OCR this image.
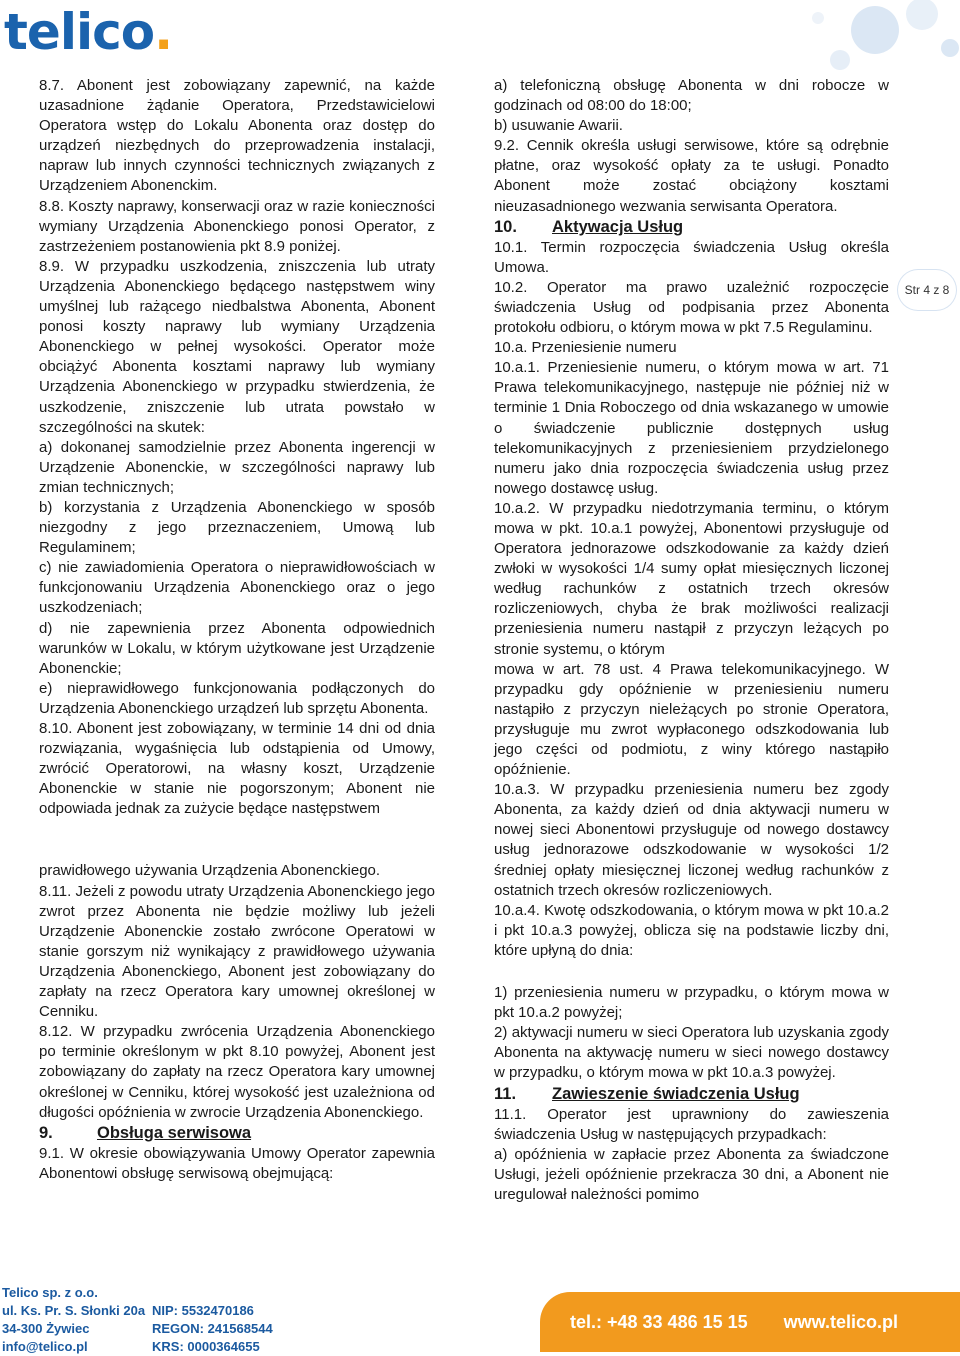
telico.

8.7. Abonent jest zobowiązany zapewnić, na każde uzasadnione żądanie Operatora, Przedstawicielowi Operatora wstęp do Lokalu Abonenta oraz dostęp do urządzeń niezbędnych do przeprowadzenia instalacji, napraw lub innych czynności technicznych związanych z Urządzeniem Abonenckim.

8.8. Koszty naprawy, konserwacji oraz w razie konieczności wymiany Urządzenia Abonenckiego ponosi Operator, z zastrzeżeniem postanowienia pkt 8.9 poniżej.

8.9. W przypadku uszkodzenia, zniszczenia lub utraty Urządzenia Abonenckiego będącego następstwem winy umyślnej lub rażącego niedbalstwa Abonenta, Abonent ponosi koszty naprawy lub wymiany Urządzenia Abonenckiego w pełnej wysokości. Operator może obciążyć Abonenta kosztami naprawy lub wymiany Urządzenia Abonenckiego w przypadku stwierdzenia, że uszkodzenie, zniszczenie lub utrata powstało w szczególności na skutek:

a) dokonanej samodzielnie przez Abonenta ingerencji w Urządzenie Abonenckie, w szczególności naprawy lub zmian technicznych;

b) korzystania z Urządzenia Abonenckiego w sposób niezgodny z jego przeznaczeniem, Umową lub Regulaminem;

c) nie zawiadomienia Operatora o nieprawidłowościach w funkcjonowaniu Urządzenia Abonenckiego oraz o jego uszkodzeniach;

d) nie zapewnienia przez Abonenta odpowiednich warunków w Lokalu, w którym użytkowane jest Urządzenie Abonenckie;

e) nieprawidłowego funkcjonowania podłączonych do Urządzenia Abonenckiego urządzeń lub sprzętu Abonenta.

8.10. Abonent jest zobowiązany, w terminie 14 dni od dnia rozwiązania, wygaśnięcia lub odstąpienia od Umowy, zwrócić Operatorowi, na własny koszt, Urządzenie Abonenckie w stanie nie pogorszonym; Abonent nie odpowiada jednak za zużycie będące następstwem

prawidłowego używania Urządzenia Abonenckiego.

8.11. Jeżeli z powodu utraty Urządzenia Abonenckiego jego zwrot przez Abonenta nie będzie możliwy lub jeżeli Urządzenie Abonenckie zostało zwrócone Operatowi w stanie gorszym niż wynikający z prawidłowego używania Urządzenia Abonenckiego, Abonent jest zobowiązany do zapłaty na rzecz Operatora kary umownej określonej w Cenniku.

8.12. W przypadku zwrócenia Urządzenia Abonenckiego po terminie określonym w pkt 8.10 powyżej, Abonent jest zobowiązany do zapłaty na rzecz Operatora kary umownej określonej w Cenniku, której wysokość jest uzależniona od długości opóźnienia w zwrocie Urządzenia Abonenckiego.

9.	Obsługa serwisowa

9.1. W okresie obowiązywania Umowy Operator zapewnia Abonentowi obsługę serwisową obejmującą:

a) telefoniczną obsługę Abonenta w dni robocze w godzinach od 08:00 do 18:00;

b) usuwanie Awarii.

9.2. Cennik określa usługi serwisowe, które są odrębnie płatne, oraz wysokość opłaty za te usługi. Ponadto Abonent może zostać obciążony kosztami nieuzasadnionego wezwania serwisanta Operatora.

10. Aktywacja Usług

10.1. Termin rozpoczęcia świadczenia Usług określa Umowa.

10.2. Operator ma prawo uzależnić rozpoczęcie świadczenia Usług od podpisania przez Abonenta protokołu odbioru, o którym mowa w pkt 7.5 Regulaminu.

10.a. Przeniesienie numeru

10.a.1. Przeniesienie numeru, o którym mowa w art. 71 Prawa telekomunikacyjnego, następuje nie później niż w terminie 1 Dnia Roboczego od dnia wskazanego w umowie o świadczenie publicznie dostępnych usług telekomunikacyjnych z przeniesieniem przydzielonego numeru jako dnia rozpoczęcia świadczenia usług przez nowego dostawcę usług.

10.a.2. W przypadku niedotrzymania terminu, o którym mowa w pkt. 10.a.1 powyżej, Abonentowi przysługuje od Operatora jednorazowe odszkodowanie za każdy dzień zwłoki w wysokości 1/4 sumy opłat miesięcznych liczonej według rachunków z ostatnich trzech okresów rozliczeniowych, chyba że brak możliwości realizacji przeniesienia numeru nastąpił z przyczyn leżących po stronie systemu, o którym

mowa w art. 78 ust. 4 Prawa telekomunikacyjnego. W przypadku gdy opóźnienie w przeniesieniu numeru nastąpiło z przyczyn nieleżących po stronie Operatora, przysługuje mu zwrot wypłaconego odszkodowania lub jego części od podmiotu, z winy którego nastąpiło opóźnienie.

10.a.3. W przypadku przeniesienia numeru bez zgody Abonenta, za każdy dzień od dnia aktywacji numeru w nowej sieci Abonentowi przysługuje od nowego dostawcy usług jednorazowe odszkodowanie w wysokości 1/2 średniej opłaty miesięcznej liczonej według rachunków z ostatnich trzech okresów rozliczeniowych.

10.a.4. Kwotę odszkodowania, o którym mowa w pkt 10.a.2 i pkt 10.a.3 powyżej, oblicza się na podstawie liczby dni, które upłyną do dnia:

1) przeniesienia numeru w przypadku, o którym mowa w pkt 10.a.2 powyżej;

2) aktywacji numeru w sieci Operatora lub uzyskania zgody Abonenta na aktywację numeru w sieci nowego dostawcy w przypadku, o którym mowa w pkt 10.a.3 powyżej.

11. Zawieszenie świadczenia Usług

11.1. Operator jest uprawniony do zawieszenia świadczenia Usług w następujących przypadkach:

a) opóźnienia w zapłacie przez Abonenta za świadczone Usługi, jeżeli opóźnienie przekracza 30 dni, a Abonent nie uregulował należności pomimo

Str 4 z 8
Telico sp. z o.o.
ul. Ks. Pr. S. Słonki 20a
34-300 Żywiec
info@telico.pl
NIP: 5532470186
REGON: 241568544
KRS: 0000364655
tel.: +48 33 486 15 15 www.telico.pl
